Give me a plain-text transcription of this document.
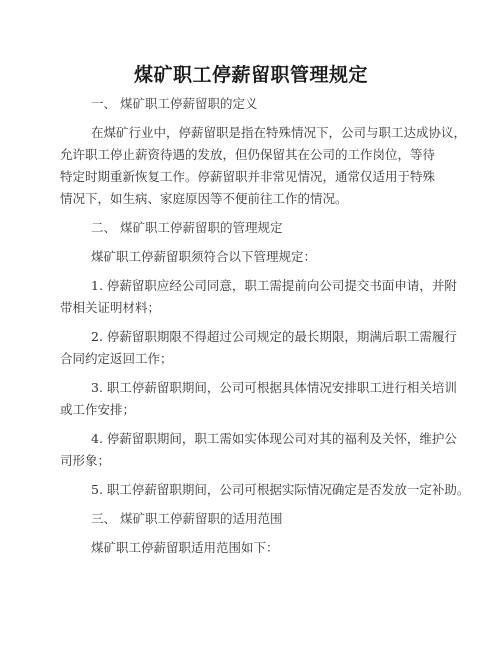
煤矿职工停薪留职管理规定
一、 煤矿职工停薪留职的定义
在煤矿行业中，停薪留职是指在特殊情况下，公司与职工达成协议，
允许职工停止薪资待遇的发放，但仍保留其在公司的工作岗位，等待
特定时期重新恢复工作。停薪留职并非常见情况，通常仅适用于特殊
情况下，如生病、家庭原因等不便前往工作的情况。
二、 煤矿职工停薪留职的管理规定
煤矿职工停薪留职须符合以下管理规定：
1. 停薪留职应经公司同意，职工需提前向公司提交书面申请，并附
带相关证明材料；
2. 停薪留职期限不得超过公司规定的最长期限，期满后职工需履行
合同约定返回工作；
3. 职工停薪留职期间，公司可根据具体情况安排职工进行相关培训
或工作安排；
4. 停薪留职期间，职工需如实体现公司对其的福利及关怀，维护公
司形象；
5. 职工停薪留职期间，公司可根据实际情况确定是否发放一定补助。
三、 煤矿职工停薪留职的适用范围
煤矿职工停薪留职适用范围如下：
